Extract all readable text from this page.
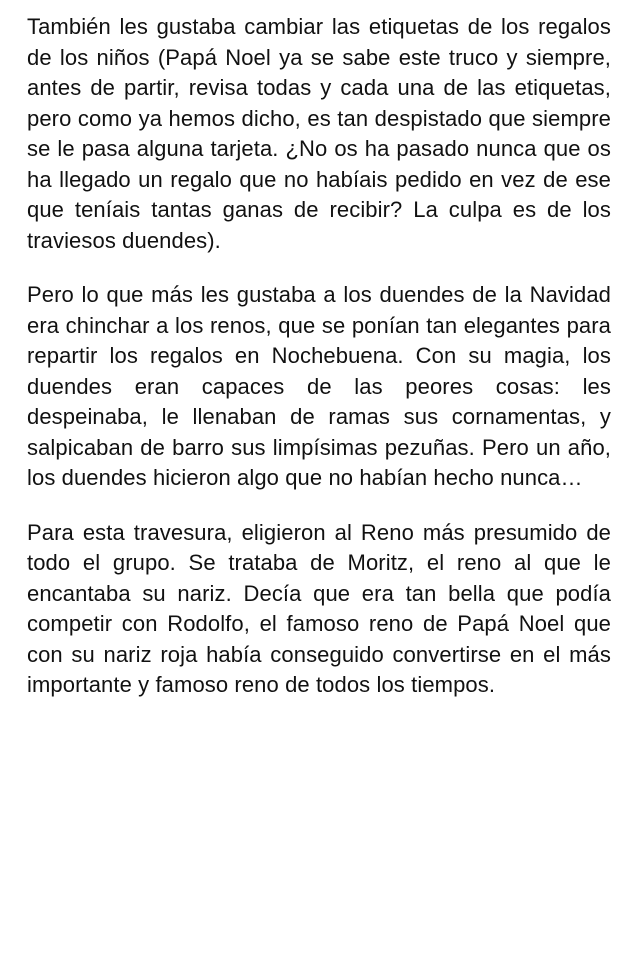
También les gustaba cambiar las etiquetas de los regalos de los niños (Papá Noel ya se sabe este truco y siempre, antes de partir, revisa todas y cada una de las etiquetas, pero como ya hemos dicho, es tan despistado que siempre se le pasa alguna tarjeta. ¿No os ha pasado nunca que os ha llegado un regalo que no habíais pedido en vez de ese que teníais tantas ganas de recibir? La culpa es de los traviesos duendes).

Pero lo que más les gustaba a los duendes de la Navidad era chinchar a los renos, que se ponían tan elegantes para repartir los regalos en Nochebuena. Con su magia, los duendes eran capaces de las peores cosas: les despeinaba, le llenaban de ramas sus cornamentas, y salpicaban de barro sus limpísimas pezuñas. Pero un año, los duendes hicieron algo que no habían hecho nunca…

Para esta travesura, eligieron al Reno más presumido de todo el grupo. Se trataba de Moritz, el reno al que le encantaba su nariz. Decía que era tan bella que podía competir con Rodolfo, el famoso reno de Papá Noel que con su nariz roja había conseguido convertirse en el más importante y famoso reno de todos los tiempos.
